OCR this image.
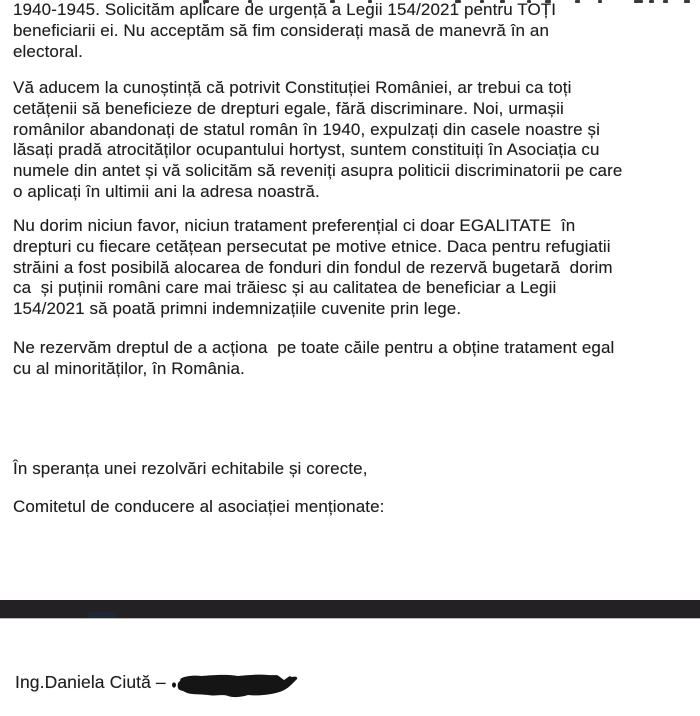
1940-1945. Solicităm aplicare de urgență a Legii 154/2021 pentru TOȚI
beneficiarii ei. Nu acceptăm să fim considerați masă de manevră în an
electoral.
Vă aducem la cunoștință că potrivit Constituției României, ar trebui ca toți
cetățenii să beneficieze de drepturi egale, fără discriminare. Noi, urmașii
românilor abandonați de statul român în 1940, expulzați din casele noastre și
lăsați pradă atrocităților ocupantului hortyst, suntem constituiți în Asociația cu
numele din antet și vă solicităm să reveniți asupra politicii discriminatorii pe care
o aplicați în ultimii ani la adresa noastră.
Nu dorim niciun favor, niciun tratament preferențial ci doar EGALITATE  în
drepturi cu fiecare cetățean persecutat pe motive etnice. Daca pentru refugiatii
străini a fost posibilă alocarea de fonduri din fondul de rezervă bugetară  dorim
ca  și puținii români care mai trăiesc și au calitatea de beneficiar a Legii
154/2021 să poată primni indemnizațiile cuvenite prin lege.
Ne rezervăm dreptul de a acționa  pe toate căile pentru a obține tratament egal
cu al minorităților, în România.
În speranța unei rezolvări echitabile și corecte,
Comitetul de conducere al asociației menționate:
Ing.Daniela Ciută –
